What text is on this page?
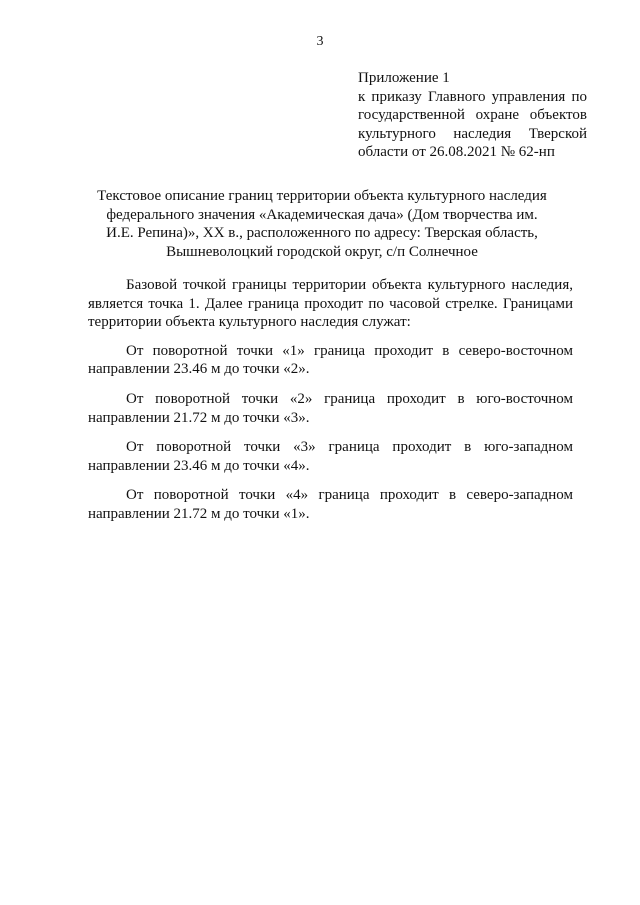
3
Приложение 1
к приказу Главного управления по
государственной охране объектов
культурного наследия Тверской
области от 26.08.2021 № 62-нп
Текстовое описание границ территории объекта культурного наследия
федерального значения «Академическая дача» (Дом творчества им.
И.Е. Репина)», XX в., расположенного по адресу: Тверская область,
Вышневолоцкий городской округ, с/п Солнечное
Базовой точкой границы территории объекта культурного наследия,
является точка 1. Далее граница проходит по часовой стрелке. Границами
территории объекта культурного наследия служат:
От поворотной точки «1» граница проходит в северо-восточном
направлении 23.46 м до точки «2».
От поворотной точки «2» граница проходит в юго-восточном
направлении 21.72 м до точки «3».
От поворотной точки «3» граница проходит в юго-западном
направлении 23.46 м до точки «4».
От поворотной точки «4» граница проходит в северо-западном
направлении 21.72 м до точки «1».
